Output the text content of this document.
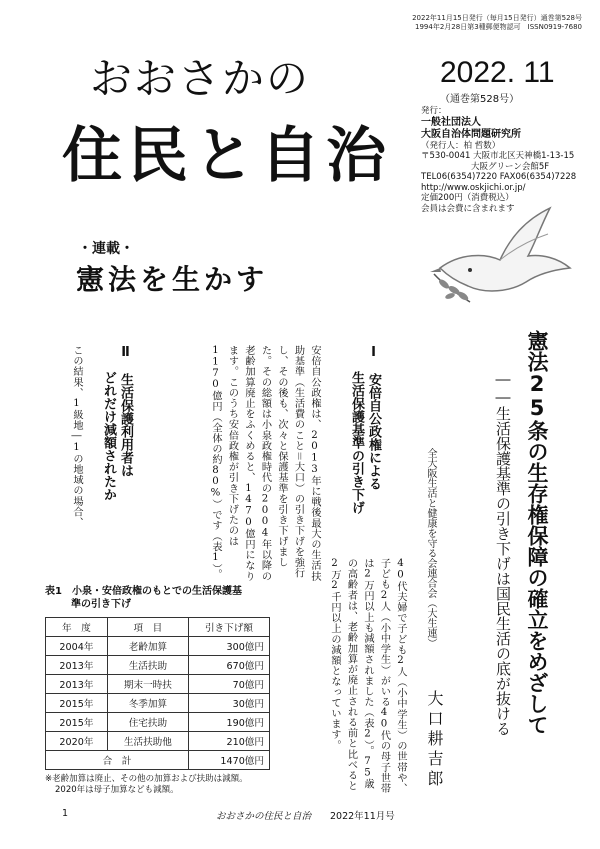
2022年11月15日発行（毎月15日発行）通巻第528号
1994年2月28日第3種郵便物認可　ISSN0919-7680
おおさかの
住民と自治
2022. 11
（通巻第528号）
発行：
一般社団法人
大阪自治体問題研究所
（発行人：柏 哲数）
〒530-0041 大阪市北区天神橋1-13-15
大阪グリーン会館5F
TEL06(6354)7220 FAX06(6354)7228
http://www.oskjichi.or.jp/
定価200円（消費税込）
会員は会費に含まれます
・連載・
憲法を生かす
憲法25条の生存権保障の確立をめざして
――生活保護基準の引き下げは国民生活の底が抜ける
全大阪生活と健康を守る会連合会（大生連）
大口耕吉郎
Ⅰ　安倍自公政権による
生活保護基準の引き下げ
安倍自公政権は、2013年に戦後最大の生活扶助基準（生活費のこと＝大口）の引き下げを強行し、その後も、次々と保護基準を引き下げました。その総額は小泉政権時代の2004年以降の老齢加算廃止をふくめると、1470億円になります。このうち安倍政権が引き下げたのは1170億円（全体の約80%）です（表1）。
40代夫婦で子ども2人（小中学生）の世帯や、子ども2人（小中学生）がいる40代の母子世帯は2万円以上も減額されました（表2）。75歳の高齢者は、老齢加算が廃止される前と比べると2万2千円以上の減額となっています。
Ⅱ　生活保護利用者は
どれだけ減額されたか
この結果、1級地―1の地域の場合、
表1　小泉・安倍政権のもとでの生活保護基
準の引き下げ
年　度	項　目	引き下げ額
2004年	老齢加算	300億円
2013年	生活扶助	670億円
2013年	期末一時扶	70億円
2015年	冬季加算	30億円
2015年	住宅扶助	190億円
2020年	生活扶助他	210億円
合　計		1470億円
※老齢加算は廃止、その他の加算および扶助は減額。
2020年は母子加算なども減額。
1	おおさかの住民と自治 2022年11月号
